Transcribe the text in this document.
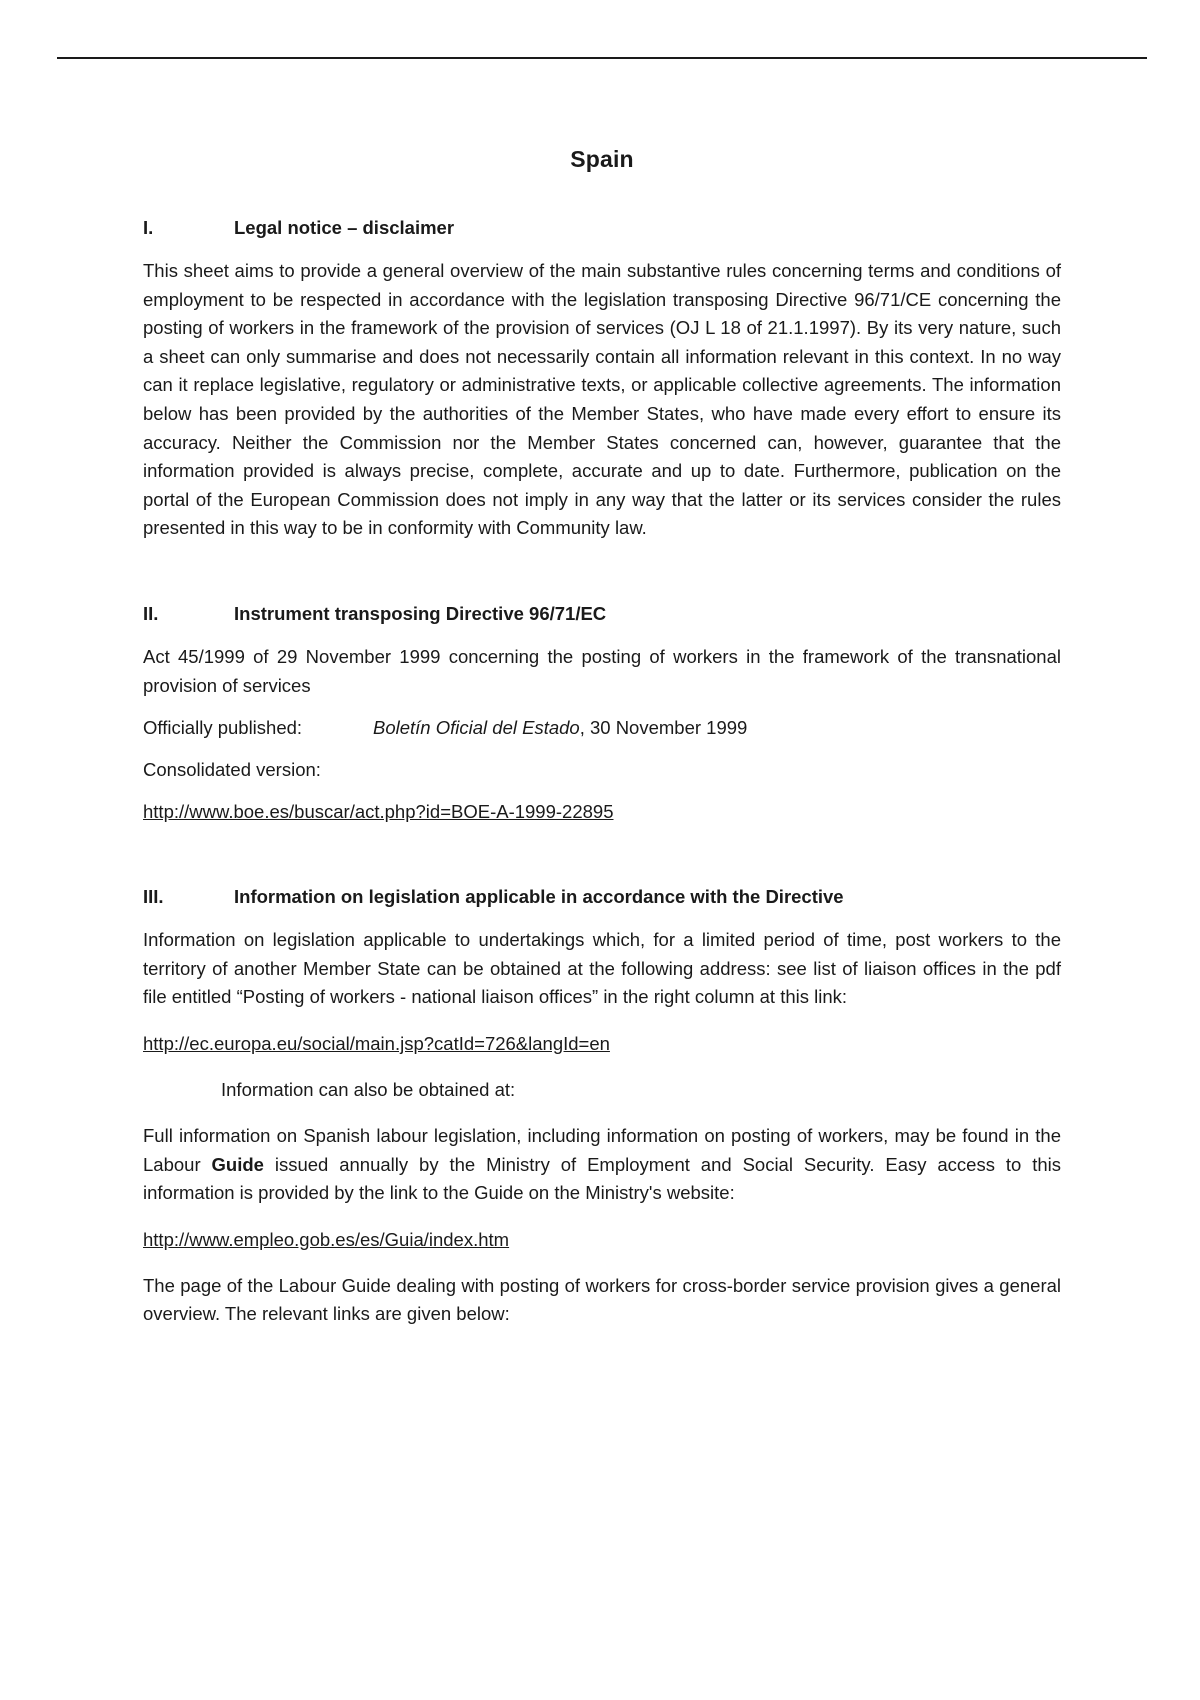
Spain
I.	Legal notice – disclaimer

This sheet aims to provide a general overview of the main substantive rules concerning terms and conditions of employment to be respected in accordance with the legislation transposing Directive 96/71/CE concerning the posting of workers in the framework of the provision of services (OJ L 18 of 21.1.1997). By its very nature, such a sheet can only summarise and does not necessarily contain all information relevant in this context. In no way can it replace legislative, regulatory or administrative texts, or applicable collective agreements. The information below has been provided by the authorities of the Member States, who have made every effort to ensure its accuracy. Neither the Commission nor the Member States concerned can, however, guarantee that the information provided is always precise, complete, accurate and up to date. Furthermore, publication on the portal of the European Commission does not imply in any way that the latter or its services consider the rules presented in this way to be in conformity with Community law.

II.	Instrument transposing Directive 96/71/EC

Act 45/1999 of 29 November 1999 concerning the posting of workers in the framework of the transnational provision of services

Officially published:	Boletín Oficial del Estado, 30 November 1999
Consolidated version:
http://www.boe.es/buscar/act.php?id=BOE-A-1999-22895
III.	Information on legislation applicable in accordance with the Directive

Information on legislation applicable to undertakings which, for a limited period of time, post workers to the territory of another Member State can be obtained at the following address: see list of liaison offices in the pdf file entitled “Posting of workers - national liaison offices” in the right column at this link:

http://ec.europa.eu/social/main.jsp?catId=726&langId=en
Information can also be obtained at:

Full information on Spanish labour legislation, including information on posting of workers, may be found in the Labour Guide issued annually by the Ministry of Employment and Social Security. Easy access to this information is provided by the link to the Guide on the Ministry's website:

http://www.empleo.gob.es/es/Guia/index.htm

The page of the Labour Guide dealing with posting of workers for cross-border service provision gives a general overview. The relevant links are given below:
